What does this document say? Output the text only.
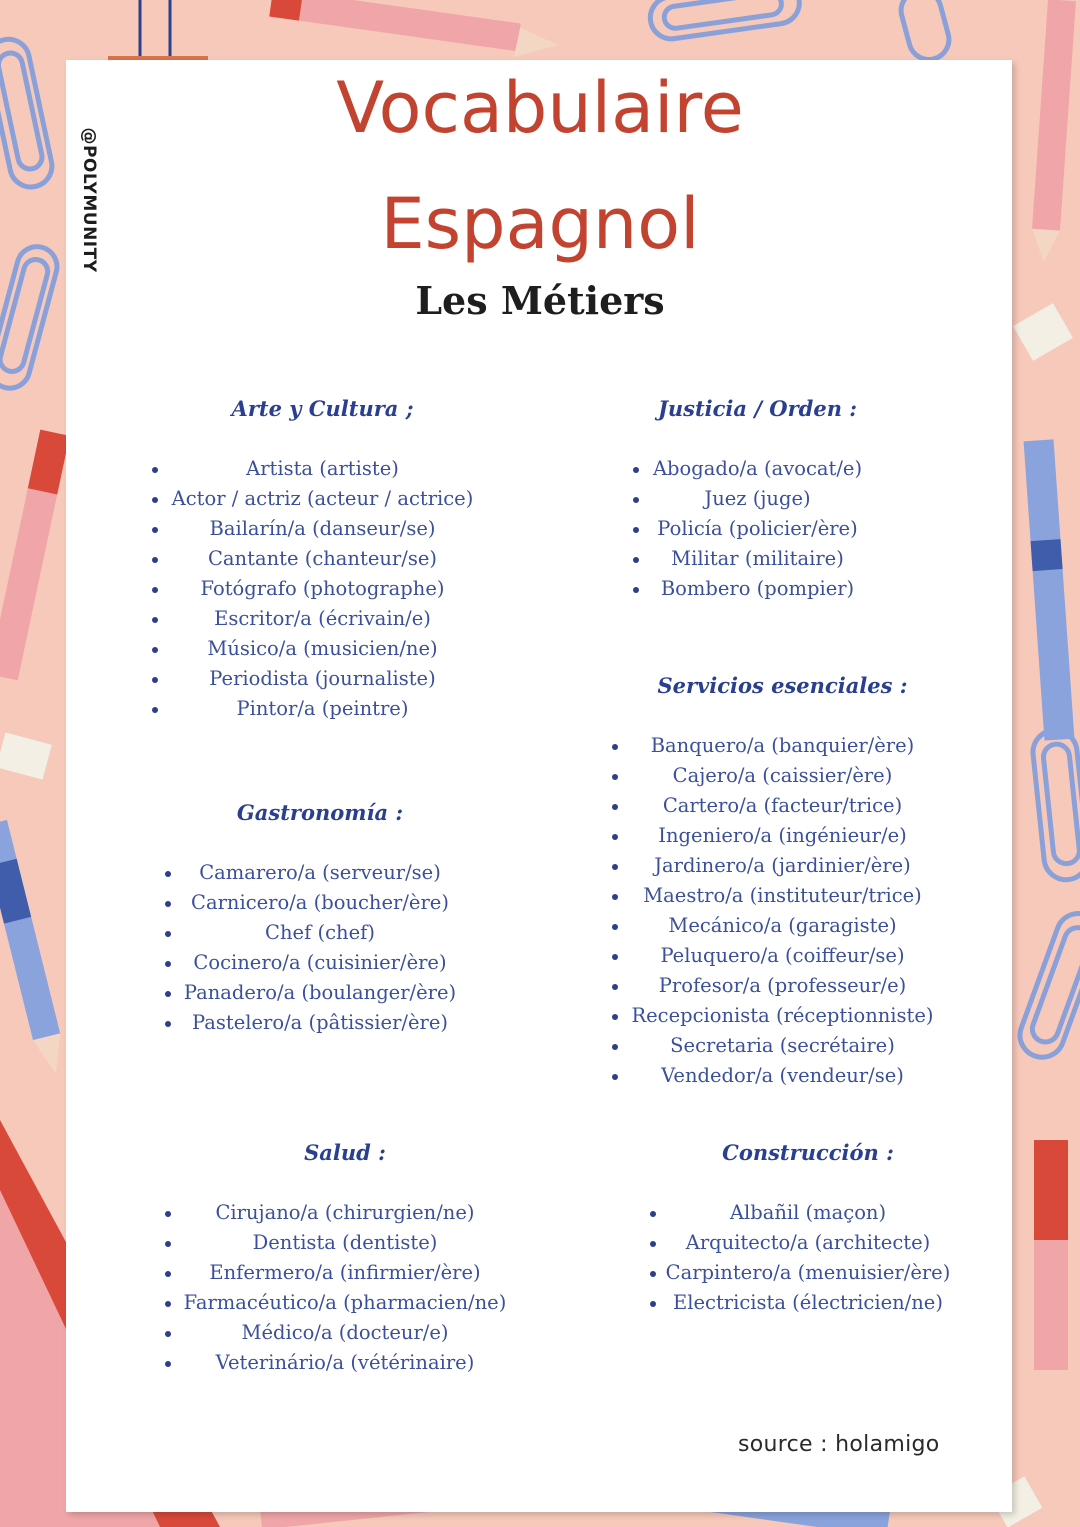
@POLYMUNITY
Vocabulaire
Espagnol
Les Métiers
Arte y Cultura ;
Artista (artiste)
Actor / actriz (acteur / actrice)
Bailarín/a (danseur/se)
Cantante (chanteur/se)
Fotógrafo (photographe)
Escritor/a (écrivain/e)
Músico/a (musicien/ne)
Periodista (journaliste)
Pintor/a (peintre)
Gastronomía :
Camarero/a (serveur/se)
Carnicero/a (boucher/ère)
Chef (chef)
Cocinero/a (cuisinier/ère)
Panadero/a (boulanger/ère)
Pastelero/a (pâtissier/ère)
Salud :
Cirujano/a (chirurgien/ne)
Dentista (dentiste)
Enfermero/a (infirmier/ère)
Farmacéutico/a (pharmacien/ne)
Médico/a (docteur/e)
Veterinário/a (vétérinaire)
Justicia / Orden :
Abogado/a (avocat/e)
Juez (juge)
Policía (policier/ère)
Militar (militaire)
Bombero (pompier)
Servicios esenciales :
Banquero/a (banquier/ère)
Cajero/a (caissier/ère)
Cartero/a (facteur/trice)
Ingeniero/a (ingénieur/e)
Jardinero/a (jardinier/ère)
Maestro/a (instituteur/trice)
Mecánico/a (garagiste)
Peluquero/a (coiffeur/se)
Profesor/a (professeur/e)
Recepcionista (réceptionniste)
Secretaria (secrétaire)
Vendedor/a (vendeur/se)
Construcción :
Albañil (maçon)
Arquitecto/a (architecte)
Carpintero/a (menuisier/ère)
Electricista (électricien/ne)
source : holamigo
